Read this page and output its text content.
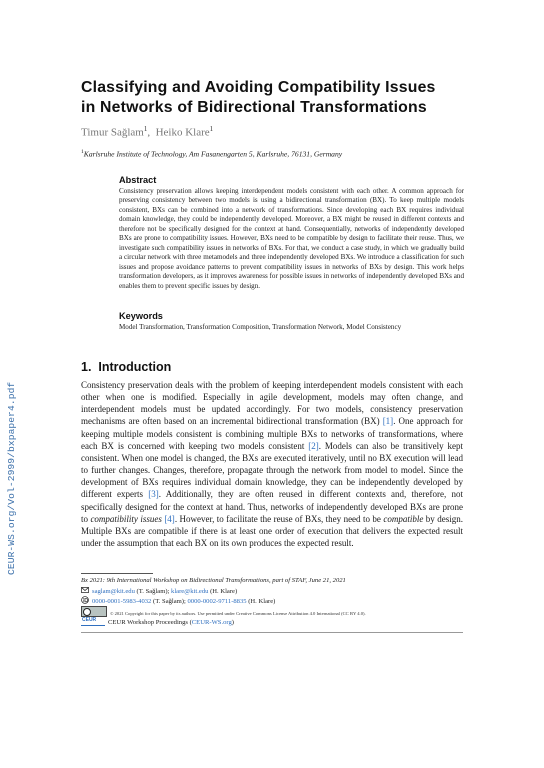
CEUR-WS.org/Vol-2999/bxpaper4.pdf
Classifying and Avoiding Compatibility Issues
in Networks of Bidirectional Transformations
Timur Sağlam$^1$,  Heiko Klare$^1$
$^1$Karlsruhe Institute of Technology, Am Fasanengarten 5, Karlsruhe, 76131, Germany
Abstract

Consistency preservation allows keeping interdependent models consistent with each other. A common approach for preserving consistency between two models is using a bidirectional transformation (BX). To keep multiple models consistent, BXs can be combined into a network of transformations. Since developing each BX requires individual domain knowledge, they could be independently developed. Moreover, a BX might be reused in different contexts and therefore not be specifically designed for the context at hand. Consequentially, networks of independently developed BXs are prone to compatibility issues. However, BXs need to be compatible by design to facilitate their reuse. Thus, we investigate such compatibility issues in networks of BXs. For that, we conduct a case study, in which we gradually build a circular network with three metamodels and three independently developed BXs. We introduce a classification for such issues and propose avoidance patterns to prevent compatibility issues in networks of BXs by design. This work helps transformation developers, as it improves awareness for possible issues in networks of independently developed BXs and enables them to prevent specific issues by design.

Keywords

Model Transformation, Transformation Composition, Transformation Network, Model Consistency

1. Introduction

Consistency preservation deals with the problem of keeping interdependent models consistent with each other when one is modified. Especially in agile development, models may often change, and interdependent models must be updated accordingly. For two models, consistency preservation mechanisms are often based on an incremental bidirectional transformation (BX) [1]. One approach for keeping multiple models consistent is combining multiple BXs to networks of transformations, where each BX is concerned with keeping two models consistent [2]. Models can also be transitively kept consistent. When one model is changed, the BXs are executed iteratively, until no BX execution will lead to further changes. Changes, therefore, propagate through the network from model to model. Since the development of BXs requires individual domain knowledge, they can be independently developed by different experts [3]. Additionally, they are often reused in different contexts and, therefore, not specifically designed for the context at hand. Thus, networks of independently developed BXs are prone to compatibility issues [4]. However, to facilitate the reuse of BXs, they need to be compatible by design. Multiple BXs are compatible if there is at least one order of execution that delivers the expected result under the assumption that each BX on its own produces the expected result.

Bx 2021: 9th International Workshop on Bidirectional Transformations, part of STAF, June 21, 2021
saglam@kit.edu (T. Sağlam); klare@kit.edu (H. Klare)
0000-0001-5983-4032 (T. Sağlam); 0000-0002-9711-8835 (H. Klare)
© 2021 Copyright for this paper by its authors. Use permitted under Creative Commons License Attribution 4.0 International (CC BY 4.0).
CEURCEUR Workshop Proceedings (CEUR-WS.org)
